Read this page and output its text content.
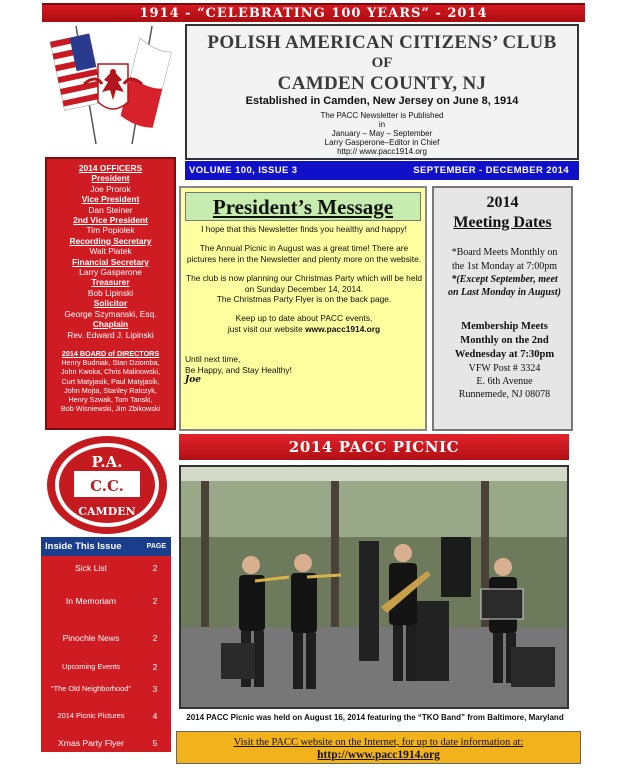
1914 - “CELEBRATING 100 YEARS” - 2014
POLISH AMERICAN CITIZENS’ CLUB
OF
CAMDEN COUNTY, NJ
Established in Camden, New Jersey on June 8, 1914
The PACC Newsletter is Published
in
January – May – September
Larry Gasperone–Editor in Chief
http:// www.pacc1914.org
VOLUME 100, ISSUE 3	SEPTEMBER - DECEMBER 2014
2014 OFFICERS
President
Joe Prorok
Vice President
Dan Steiner
2nd Vice President
Tim Popiolek
Recording Secretary
Walt Piatek
Financial Secretary
Larry Gasperone
Treasurer
Bob Lipinski
Solicitor
George Szymanski, Esq.
Chaplain
Rev. Edward J. Lipinski
2014 BOARD of DIRECTORS
Henry Budniak, Stan Dziomba,
John Kwoka, Chris Malinowski,
Curt Matyjasik, Paul Matyjasik,
John Mojta, Stanley Ratczyk,
Henry Szwak, Tom Tanski,
Bob Wisniewski, Jim Zbikowski
President’s Message

I hope that this Newsletter finds you healthy and happy!

The Annual Picnic in August was a great time! There are pictures here in the Newsletter and plenty more on the website.

The club is now planning our Christmas Party which will be held on Sunday December 14, 2014.

The Christmas Party Flyer is on the back page.

Keep up to date about PACC events,

just visit our website www.pacc1914.org

Until next time,

Be Happy, and Stay Healthy!

Joe

2014
Meeting Dates
*Board Meets Monthly on
the 1st Monday at 7:00pm
*(Except September, meet
on Last Monday in August)
Membership Meets
Monthly on the 2nd
Wednesday at 7:30pm
VFW Post # 3324
E. 6th Avenue
Runnemede, NJ 08078
P.A.
C.C.
CAMDEN
Inside This Issue	PAGE
Sick List	2
In Memoriam	2
Pinochle News	2
Upcoming Events	2
“The Old Neighborhood”	3
2014 Picnic Pictures	4
Xmas Party Flyer	5
2014 PACC PICNIC
2014 PACC Picnic was held on August 16, 2014 featuring the “TKO Band” from Baltimore, Maryland
Visit the PACC website on the Internet, for up to date information at:
http://www.pacc1914.org
